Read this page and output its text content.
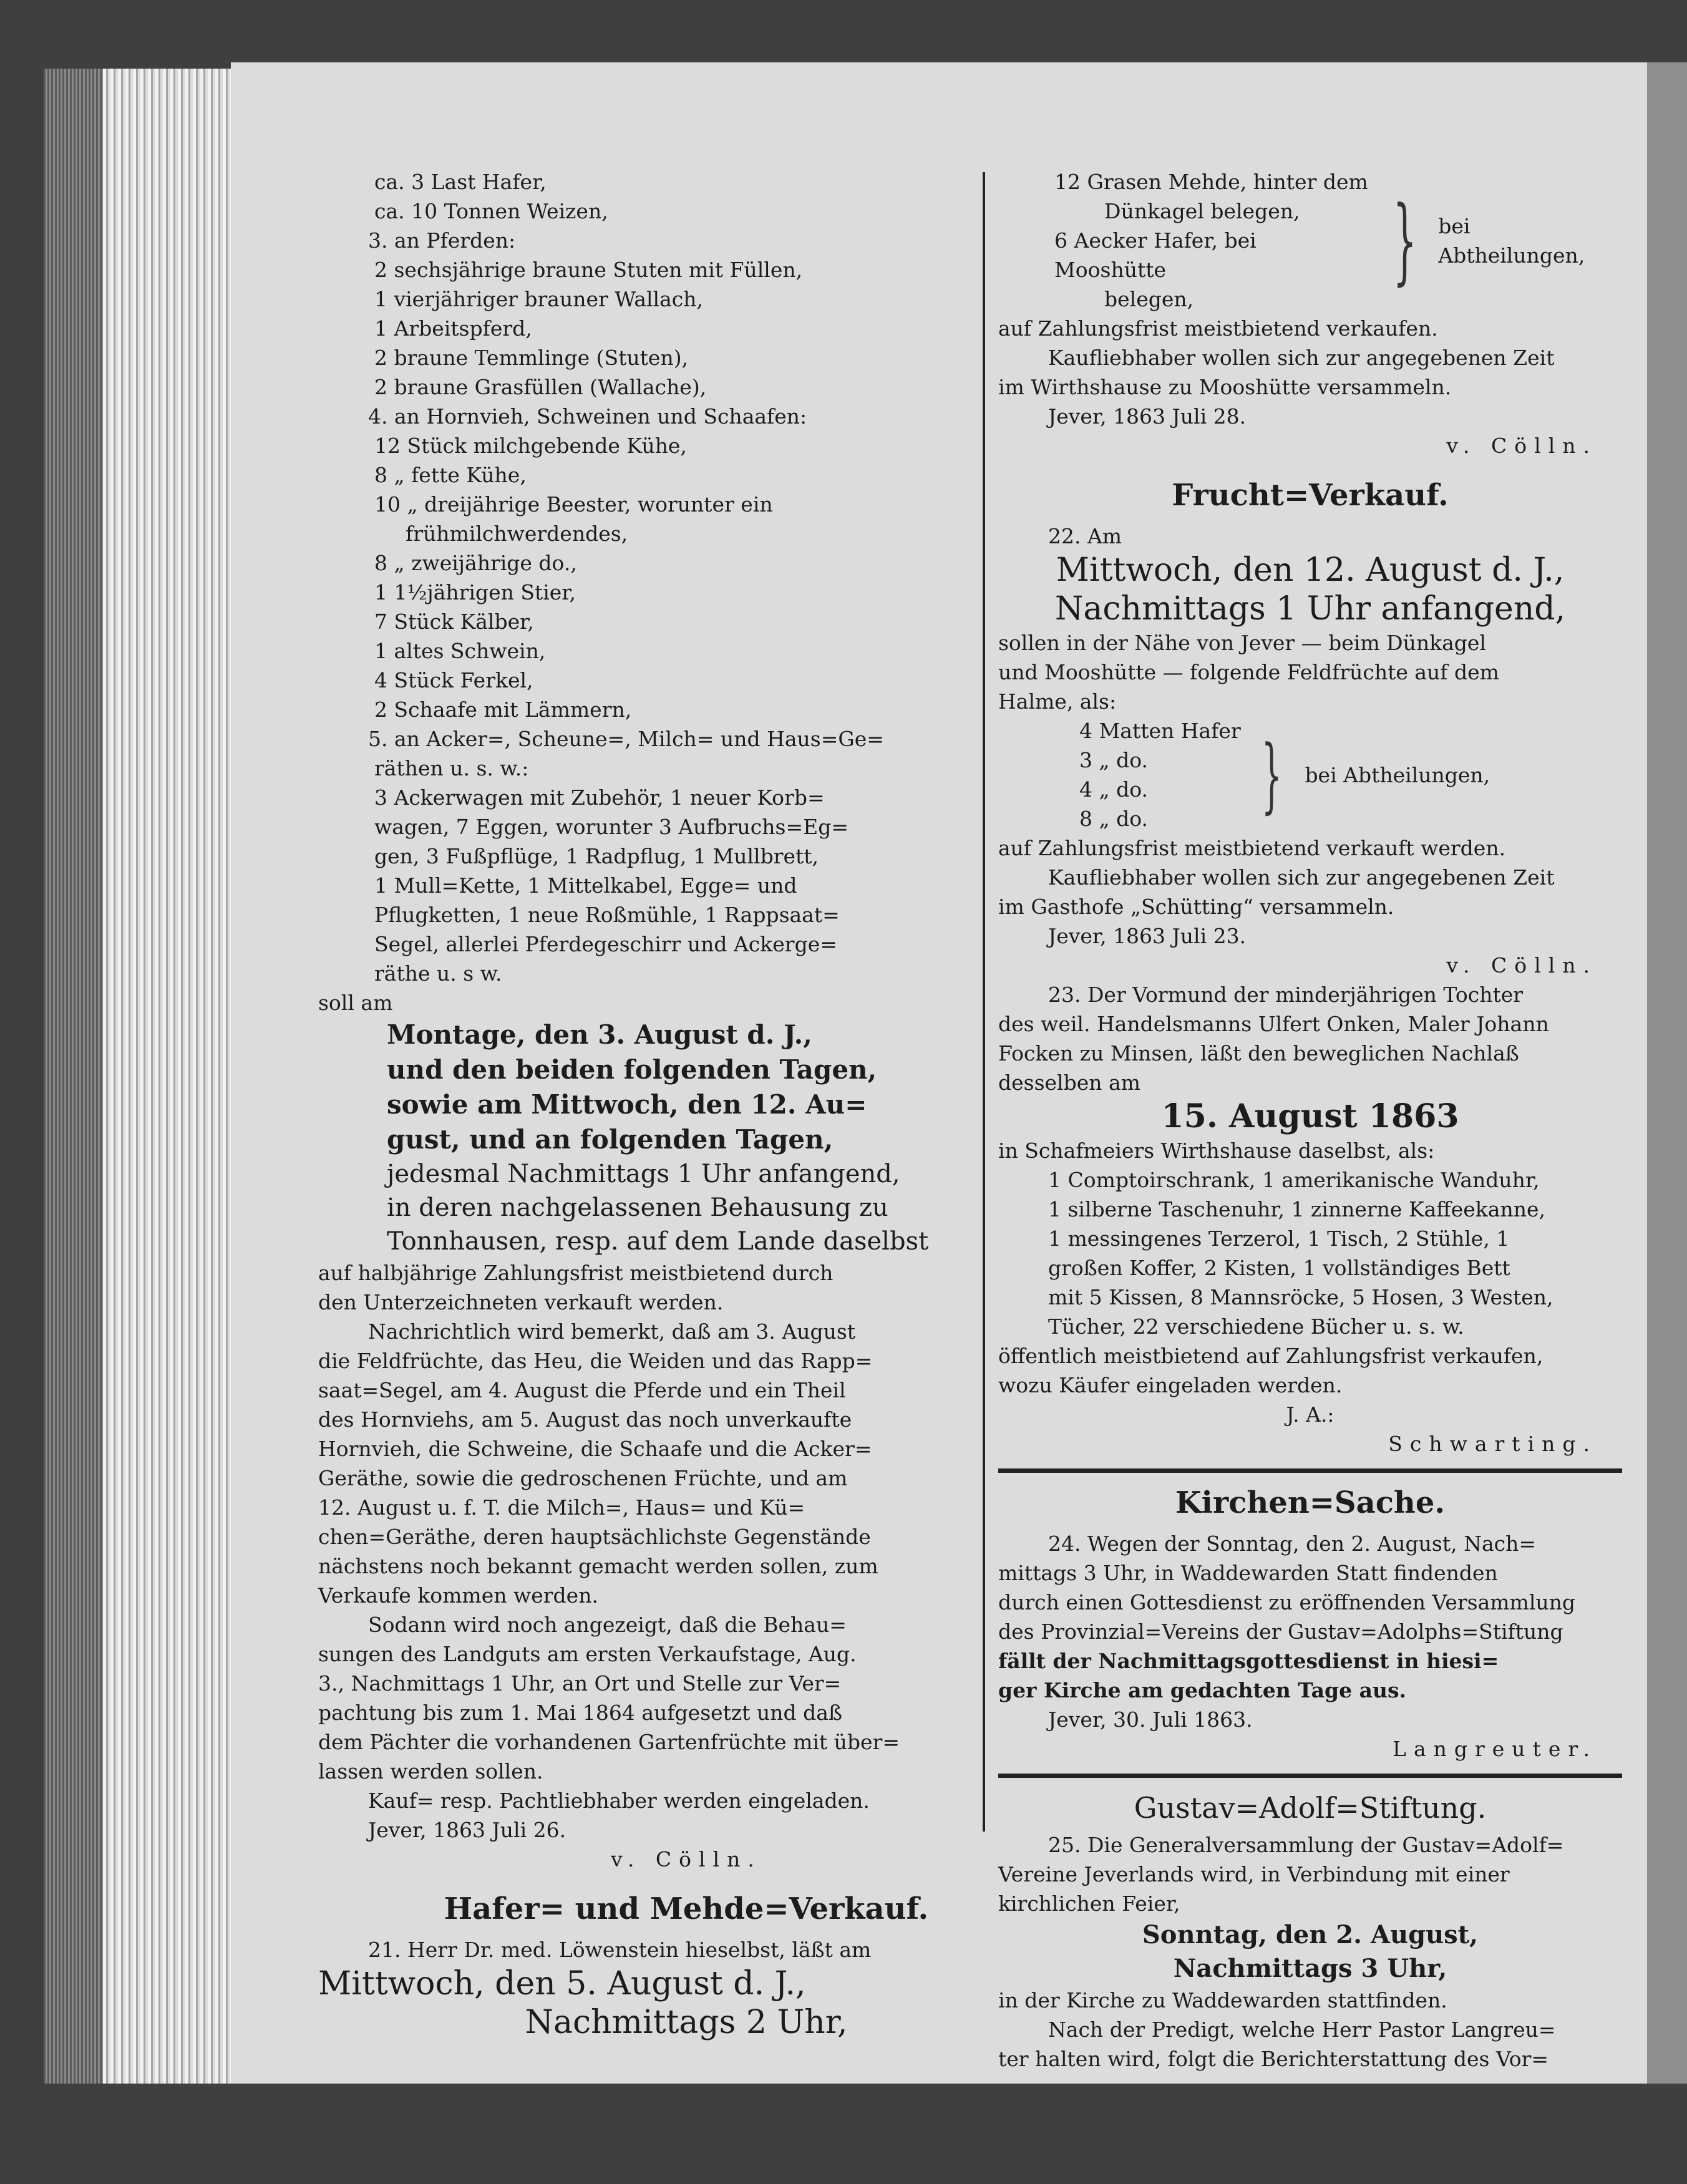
ca. 3 Last Hafer,

ca. 10 Tonnen Weizen,

3. an Pferden:

2 sechsjährige braune Stuten mit Füllen,

1 vierjähriger brauner Wallach,

1 Arbeitspferd,

2 braune Temmlinge (Stuten),

2 braune Grasfüllen (Wallache),

4. an Hornvieh, Schweinen und Schaafen:

12 Stück milchgebende Kühe,

8 „ fette Kühe,

10 „ dreijährige Beester, worunter ein

frühmilchwerdendes,

8 „ zweijährige do.,

1 1½jährigen Stier,

7 Stück Kälber,

1 altes Schwein,

4 Stück Ferkel,

2 Schaafe mit Lämmern,

5. an Acker=, Scheune=, Milch= und Haus=Ge=

räthen u. s. w.:

3 Ackerwagen mit Zubehör, 1 neuer Korb=

wagen, 7 Eggen, worunter 3 Aufbruchs=Eg=

gen, 3 Fußpflüge, 1 Radpflug, 1 Mullbrett,

1 Mull=Kette, 1 Mittelkabel, Egge= und

Pflugketten, 1 neue Roßmühle, 1 Rappsaat=

Segel, allerlei Pferdegeschirr und Ackerge=

räthe u. s w.

soll am

Montage, den 3. August d. J.,

und den beiden folgenden Tagen,

sowie am Mittwoch, den 12. Au=

gust, und an folgenden Tagen,

jedesmal Nachmittags 1 Uhr anfangend,

in deren nachgelassenen Behausung zu

Tonnhausen, resp. auf dem Lande daselbst

auf halbjährige Zahlungsfrist meistbietend durch

den Unterzeichneten verkauft werden.

Nachrichtlich wird bemerkt, daß am 3. August

die Feldfrüchte, das Heu, die Weiden und das Rapp=

saat=Segel, am 4. August die Pferde und ein Theil

des Hornviehs, am 5. August das noch unverkaufte

Hornvieh, die Schweine, die Schaafe und die Acker=

Geräthe, sowie die gedroschenen Früchte, und am

12. August u. f. T. die Milch=, Haus= und Kü=

chen=Geräthe, deren hauptsächlichste Gegenstände

nächstens noch bekannt gemacht werden sollen, zum

Verkaufe kommen werden.

Sodann wird noch angezeigt, daß die Behau=

sungen des Landguts am ersten Verkaufstage, Aug.

3., Nachmittags 1 Uhr, an Ort und Stelle zur Ver=

pachtung bis zum 1. Mai 1864 aufgesetzt und daß

dem Pächter die vorhandenen Gartenfrüchte mit über=

lassen werden sollen.

Kauf= resp. Pachtliebhaber werden eingeladen.

Jever, 1863 Juli 26.

v. Cölln.

Hafer= und Mehde=Verkauf.

21. Herr Dr. med. Löwenstein hieselbst, läßt am

Mittwoch, den 5. August d. J.,

Nachmittags 2 Uhr,

12 Grasen Mehde, hinter dem

Dünkagel belegen,

6 Aecker Hafer, bei Mooshütte

belegen,

} bei Abtheilungen,

auf Zahlungsfrist meistbietend verkaufen.

Kaufliebhaber wollen sich zur angegebenen Zeit

im Wirthshause zu Mooshütte versammeln.

Jever, 1863 Juli 28.

v. Cölln.

Frucht=Verkauf.

22. Am

Mittwoch, den 12. August d. J.,

Nachmittags 1 Uhr anfangend,

sollen in der Nähe von Jever — beim Dünkagel

und Mooshütte — folgende Feldfrüchte auf dem

Halme, als:

4 Matten Hafer

3 „ do.

4 „ do.

8 „ do.	} bei Abtheilungen,

auf Zahlungsfrist meistbietend verkauft werden.

Kaufliebhaber wollen sich zur angegebenen Zeit

im Gasthofe „Schütting“ versammeln.

Jever, 1863 Juli 23.

v. Cölln.

23. Der Vormund der minderjährigen Tochter

des weil. Handelsmanns Ulfert Onken, Maler Johann

Focken zu Minsen, läßt den beweglichen Nachlaß

desselben am

15. August 1863

in Schafmeiers Wirthshause daselbst, als:

1 Comptoirschrank, 1 amerikanische Wanduhr,

1 silberne Taschenuhr, 1 zinnerne Kaffeekanne,

1 messingenes Terzerol, 1 Tisch, 2 Stühle, 1

großen Koffer, 2 Kisten, 1 vollständiges Bett

mit 5 Kissen, 8 Mannsröcke, 5 Hosen, 3 Westen,

Tücher, 22 verschiedene Bücher u. s. w.

öffentlich meistbietend auf Zahlungsfrist verkaufen,

wozu Käufer eingeladen werden.

J. A.:

Schwarting.

Kirchen=Sache.

24. Wegen der Sonntag, den 2. August, Nach=

mittags 3 Uhr, in Waddewarden Statt findenden

durch einen Gottesdienst zu eröffnenden Versammlung

des Provinzial=Vereins der Gustav=Adolphs=Stiftung

fällt der Nachmittagsgottesdienst in hiesi=

ger Kirche am gedachten Tage aus.

Jever, 30. Juli 1863.

Langreuter.

Gustav=Adolf=Stiftung.

25. Die Generalversammlung der Gustav=Adolf=

Vereine Jeverlands wird, in Verbindung mit einer

kirchlichen Feier,

Sonntag, den 2. August,

Nachmittags 3 Uhr,

in der Kirche zu Waddewarden stattfinden.

Nach der Predigt, welche Herr Pastor Langreu=

ter halten wird, folgt die Berichterstattung des Vor=
